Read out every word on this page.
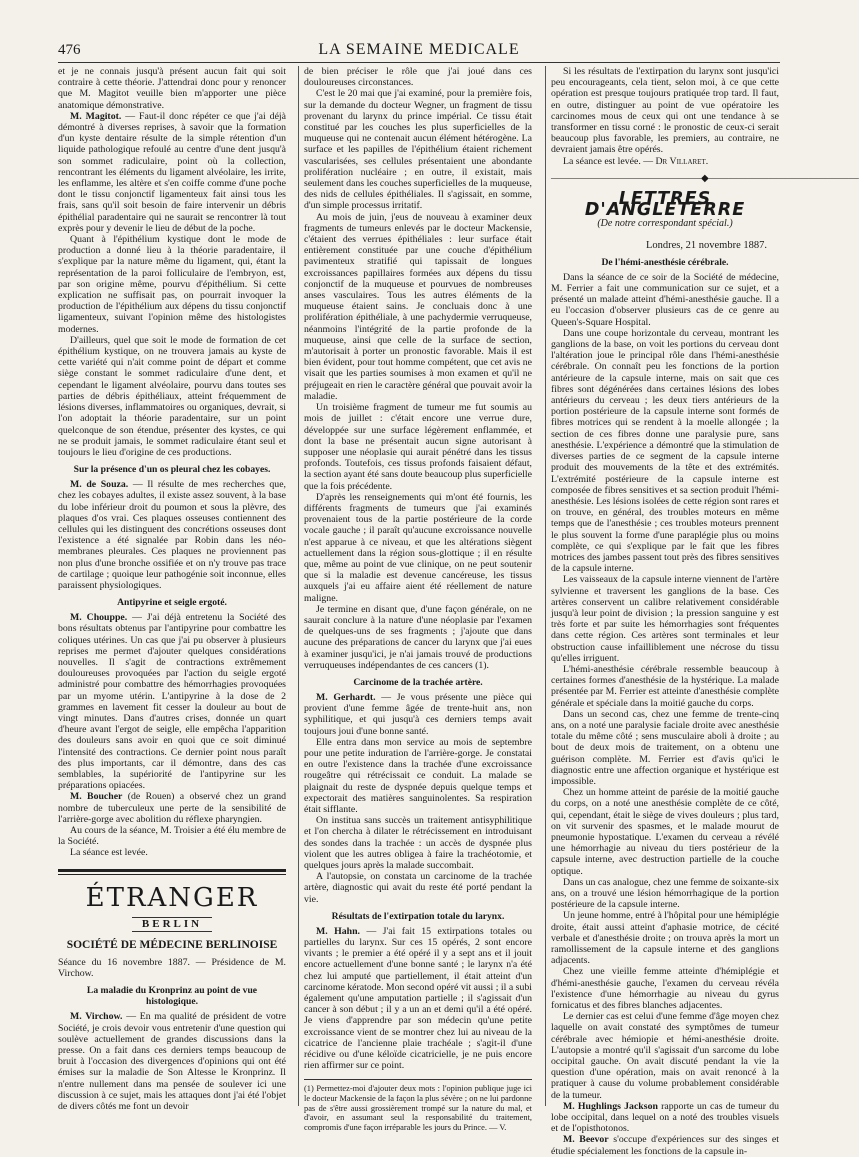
476	LA SEMAINE MEDICALE

et je ne connais jusqu'à présent aucun fait qui soit contraire à cette théorie. J'attendrai donc pour y renoncer que M. Magitot veuille bien m'apporter une pièce anatomique démonstrative.

M. Magitot. — Faut-il donc répéter ce que j'ai déjà démontré à diverses reprises, à savoir que la formation d'un kyste dentaire résulte de la simple rétention d'un liquide pathologique refoulé au centre d'une dent jusqu'à son sommet radiculaire, point où la collection, rencontrant les éléments du ligament alvéolaire, les irrite, les enflamme, les altère et s'en coiffe comme d'une poche dont le tissu conjonctif ligamenteux fait ainsi tous les frais, sans qu'il soit besoin de faire intervenir un débris épithélial paradentaire qui ne saurait se rencontrer là tout exprès pour y devenir le lieu de début de la poche.

Quant à l'épithélium kystique dont le mode de production a donné lieu à la théorie paradentaire, il s'explique par la nature même du ligament, qui, étant la représentation de la paroi folliculaire de l'embryon, est, par son origine même, pourvu d'épithélium. Si cette explication ne suffisait pas, on pourrait invoquer la production de l'épithélium aux dépens du tissu conjonctif ligamenteux, suivant l'opinion même des histologistes modernes.

D'ailleurs, quel que soit le mode de formation de cet épithélium kystique, on ne trouvera jamais au kyste de cette variété qui n'ait comme point de départ et comme siège constant le sommet radiculaire d'une dent, et cependant le ligament alvéolaire, pourvu dans toutes ses parties de débris épithéliaux, atteint fréquemment de lésions diverses, inflammatoires ou organiques, devrait, si l'on adoptait la théorie paradentaire, sur un point quelconque de son étendue, présenter des kystes, ce qui ne se produit jamais, le sommet radiculaire étant seul et toujours le lieu d'origine de ces productions.

Sur la présence d'un os pleural chez les cobayes.

M. de Souza. — Il résulte de mes recherches que, chez les cobayes adultes, il existe assez souvent, à la base du lobe inférieur droit du poumon et sous la plèvre, des plaques d'os vrai. Ces plaques osseuses contiennent des cellules qui les distinguent des concrétions osseuses dont l'existence a été signalée par Robin dans les néo-membranes pleurales. Ces plaques ne proviennent pas non plus d'une bronche ossifiée et on n'y trouve pas trace de cartilage ; quoique leur pathogénie soit inconnue, elles paraissent physiologiques.

Antipyrine et seigle ergoté.

M. Chouppe. — J'ai déjà entretenu la Société des bons résultats obtenus par l'antipyrine pour combattre les coliques utérines. Un cas que j'ai pu observer à plusieurs reprises me permet d'ajouter quelques considérations nouvelles. Il s'agit de contractions extrêmement douloureuses provoquées par l'action du seigle ergoté administré pour combattre des hémorrhagies provoquées par un myome utérin. L'antipyrine à la dose de 2 grammes en lavement fit cesser la douleur au bout de vingt minutes. Dans d'autres crises, donnée un quart d'heure avant l'ergot de seigle, elle empêcha l'apparition des douleurs sans avoir en quoi que ce soit diminué l'intensité des contractions. Ce dernier point nous paraît des plus importants, car il démontre, dans des cas semblables, la supériorité de l'antipyrine sur les préparations opiacées.

M. Boucher (de Rouen) a observé chez un grand nombre de tuberculeux une perte de la sensibilité de l'arrière-gorge avec abolition du réflexe pharyngien.

Au cours de la séance, M. Troisier a été élu membre de la Société.

La séance est levée.

ÉTRANGER
BERLIN
SOCIÉTÉ DE MÉDECINE BERLINOISE

Séance du 16 novembre 1887. — Présidence de M. Virchow.

La maladie du Kronprinz au point de vue histologique.

M. Virchow. — En ma qualité de président de votre Société, je crois devoir vous entretenir d'une question qui soulève actuellement de grandes discussions dans la presse. On a fait dans ces derniers temps beaucoup de bruit à l'occasion des divergences d'opinions qui ont été émises sur la maladie de Son Altesse le Kronprinz. Il n'entre nullement dans ma pensée de soulever ici une discussion à ce sujet, mais les attaques dont j'ai été l'objet de divers côtés me font un devoir

de bien préciser le rôle que j'ai joué dans ces douloureuses circonstances.

C'est le 20 mai que j'ai examiné, pour la première fois, sur la demande du docteur Wegner, un fragment de tissu provenant du larynx du prince impérial. Ce tissu était constitué par les couches les plus superficielles de la muqueuse qui ne contenait aucun élément hétérogène. La surface et les papilles de l'épithélium étaient richement vascularisées, ses cellules présentaient une abondante prolifération nucléaire ; en outre, il existait, mais seulement dans les couches superficielles de la muqueuse, des nids de cellules épithéliales. Il s'agissait, en somme, d'un simple processus irritatif.

Au mois de juin, j'eus de nouveau à examiner deux fragments de tumeurs enlevés par le docteur Mackensie, c'étaient des verrues épithéliales : leur surface était entièrement constituée par une couche d'épithélium pavimenteux stratifié qui tapissait de longues excroissances papillaires formées aux dépens du tissu conjonctif de la muqueuse et pourvues de nombreuses anses vasculaires. Tous les autres éléments de la muqueuse étaient sains. Je concluais donc à une prolifération épithéliale, à une pachydermie verruqueuse, néanmoins l'intégrité de la partie profonde de la muqueuse, ainsi que celle de la surface de section, m'autorisait à porter un pronostic favorable. Mais il est bien évident, pour tout homme compétent, que cet avis ne visait que les parties soumises à mon examen et qu'il ne préjugeait en rien le caractère général que pouvait avoir la maladie.

Un troisième fragment de tumeur me fut soumis au mois de juillet : c'était encore une verrue dure, développée sur une surface légèrement enflammée, et dont la base ne présentait aucun signe autorisant à supposer une néoplasie qui aurait pénétré dans les tissus profonds. Toutefois, ces tissus profonds faisaient défaut, la section ayant été sans doute beaucoup plus superficielle que la fois précédente.

D'après les renseignements qui m'ont été fournis, les différents fragments de tumeurs que j'ai examinés provenaient tous de la partie postérieure de la corde vocale gauche ; il paraît qu'aucune excroissance nouvelle n'est apparue à ce niveau, et que les altérations siègent actuellement dans la région sous-glottique ; il en résulte que, même au point de vue clinique, on ne peut soutenir que si la maladie est devenue cancéreuse, les tissus auxquels j'ai eu affaire aient été réellement de nature maligne.

Je termine en disant que, d'une façon générale, on ne saurait conclure à la nature d'une néoplasie par l'examen de quelques-uns de ses fragments ; j'ajoute que dans aucune des préparations de cancer du larynx que j'ai eues à examiner jusqu'ici, je n'ai jamais trouvé de productions verruqueuses indépendantes de ces cancers (1).

Carcinome de la trachée artère.

M. Gerhardt. — Je vous présente une pièce qui provient d'une femme âgée de trente-huit ans, non syphilitique, et qui jusqu'à ces derniers temps avait toujours joui d'une bonne santé.

Elle entra dans mon service au mois de septembre pour une petite induration de l'arrière-gorge. Je constatai en outre l'existence dans la trachée d'une excroissance rougeâtre qui rétrécissait ce conduit. La malade se plaignait du reste de dyspnée depuis quelque temps et expectorait des matières sanguinolentes. Sa respiration était sifflante.

On institua sans succès un traitement antisyphilitique et l'on chercha à dilater le rétrécissement en introduisant des sondes dans la trachée : un accès de dyspnée plus violent que les autres obligea à faire la trachéotomie, et quelques jours après la malade succombait.

A l'autopsie, on constata un carcinome de la trachée artère, diagnostic qui avait du reste été porté pendant la vie.

Résultats de l'extirpation totale du larynx.

M. Hahn. — J'ai fait 15 extirpations totales ou partielles du larynx. Sur ces 15 opérés, 2 sont encore vivants ; le premier a été opéré il y a sept ans et il jouit encore actuellement d'une bonne santé ; le larynx n'a été chez lui amputé que partiellement, il était atteint d'un carcinome kératode. Mon second opéré vit aussi ; il a subi également qu'une amputation partielle ; il s'agissait d'un cancer à son début ; il y a un an et demi qu'il a été opéré. Je viens d'apprendre par son médecin qu'une petite excroissance vient de se montrer chez lui au niveau de la cicatrice de l'ancienne plaie trachéale ; s'agit-il d'une récidive ou d'une kéloïde cicatricielle, je ne puis encore rien affirmer sur ce point.

(1) Permettez-moi d'ajouter deux mots : l'opinion publique juge ici le docteur Mackensie de la façon la plus sévère ; on ne lui pardonne pas de s'être aussi grossièrement trompé sur la nature du mal, et d'avoir, en assumant seul la responsabilité du traitement, compromis d'une façon irréparable les jours du Prince. — V.

Si les résultats de l'extirpation du larynx sont jusqu'ici peu encourageants, cela tient, selon moi, à ce que cette opération est presque toujours pratiquée trop tard. Il faut, en outre, distinguer au point de vue opératoire les carcinomes mous de ceux qui ont une tendance à se transformer en tissu corné : le pronostic de ceux-ci serait beaucoup plus favorable, les premiers, au contraire, ne devraient jamais être opérés.

La séance est levée. — Dr Villaret.

―――――――――――――――◆―――――――――――――――
LETTRES D'ANGLETERRE
(De notre correspondant spécial.)
Londres, 21 novembre 1887.
De l'hémi-anesthésie cérébrale.

Dans la séance de ce soir de la Société de médecine, M. Ferrier a fait une communication sur ce sujet, et a présenté un malade atteint d'hémi-anesthésie gauche. Il a eu l'occasion d'observer plusieurs cas de ce genre au Queen's-Square Hospital.

Dans une coupe horizontale du cerveau, montrant les ganglions de la base, on voit les portions du cerveau dont l'altération joue le principal rôle dans l'hémi-anesthésie cérébrale. On connaît peu les fonctions de la portion antérieure de la capsule interne, mais on sait que ces fibres sont dégénérées dans certaines lésions des lobes antérieurs du cerveau ; les deux tiers antérieurs de la portion postérieure de la capsule interne sont formés de fibres motrices qui se rendent à la moelle allongée ; la section de ces fibres donne une paralysie pure, sans anesthésie. L'expérience a démontré que la stimulation de diverses parties de ce segment de la capsule interne produit des mouvements de la tête et des extrémités. L'extrémité postérieure de la capsule interne est composée de fibres sensitives et sa section produit l'hémi-anesthésie. Les lésions isolées de cette région sont rares et on trouve, en général, des troubles moteurs en même temps que de l'anesthésie ; ces troubles moteurs prennent le plus souvent la forme d'une paraplégie plus ou moins complète, ce qui s'explique par le fait que les fibres motrices des jambes passent tout près des fibres sensitives de la capsule interne.

Les vaisseaux de la capsule interne viennent de l'artère sylvienne et traversent les ganglions de la base. Ces artères conservent un calibre relativement considérable jusqu'à leur point de division ; la pression sanguine y est très forte et par suite les hémorrhagies sont fréquentes dans cette région. Ces artères sont terminales et leur obstruction cause infailliblement une nécrose du tissu qu'elles irriguent.

L'hémi-anesthésie cérébrale ressemble beaucoup à certaines formes d'anesthésie de la hystérique. La malade présentée par M. Ferrier est atteinte d'anesthésie complète générale et spéciale dans la moitié gauche du corps.

Dans un second cas, chez une femme de trente-cinq ans, on a noté une paralysie faciale droite avec anesthésie totale du même côté ; sens musculaire aboli à droite ; au bout de deux mois de traitement, on a obtenu une guérison complète. M. Ferrier est d'avis qu'ici le diagnostic entre une affection organique et hystérique est impossible.

Chez un homme atteint de parésie de la moitié gauche du corps, on a noté une anesthésie complète de ce côté, qui, cependant, était le siège de vives douleurs ; plus tard, on vit survenir des spasmes, et le malade mourut de pneumonie hypostatique. L'examen du cerveau a révélé une hémorrhagie au niveau du tiers postérieur de la capsule interne, avec destruction partielle de la couche optique.

Dans un cas analogue, chez une femme de soixante-six ans, on a trouvé une lésion hémorrhagique de la portion postérieure de la capsule interne.

Un jeune homme, entré à l'hôpital pour une hémiplégie droite, était aussi atteint d'aphasie motrice, de cécité verbale et d'anesthésie droite ; on trouva après la mort un ramollissement de la capsule interne et des ganglions adjacents.

Chez une vieille femme atteinte d'hémiplégie et d'hémi-anesthésie gauche, l'examen du cerveau révéla l'existence d'une hémorrhagie au niveau du gyrus fornicatus et des fibres blanches adjacentes.

Le dernier cas est celui d'une femme d'âge moyen chez laquelle on avait constaté des symptômes de tumeur cérébrale avec hémiopie et hémi-anesthésie droite. L'autopsie a montré qu'il s'agissait d'un sarcome du lobe occipital gauche. On avait discuté pendant la vie la question d'une opération, mais on avait renoncé à la pratiquer à cause du volume probablement considérable de la tumeur.

M. Hughlings Jackson rapporte un cas de tumeur du lobe occipital, dans lequel on a noté des troubles visuels et de l'opisthotonos.

M. Beevor s'occupe d'expériences sur des singes et étudie spécialement les fonctions de la capsule in-
